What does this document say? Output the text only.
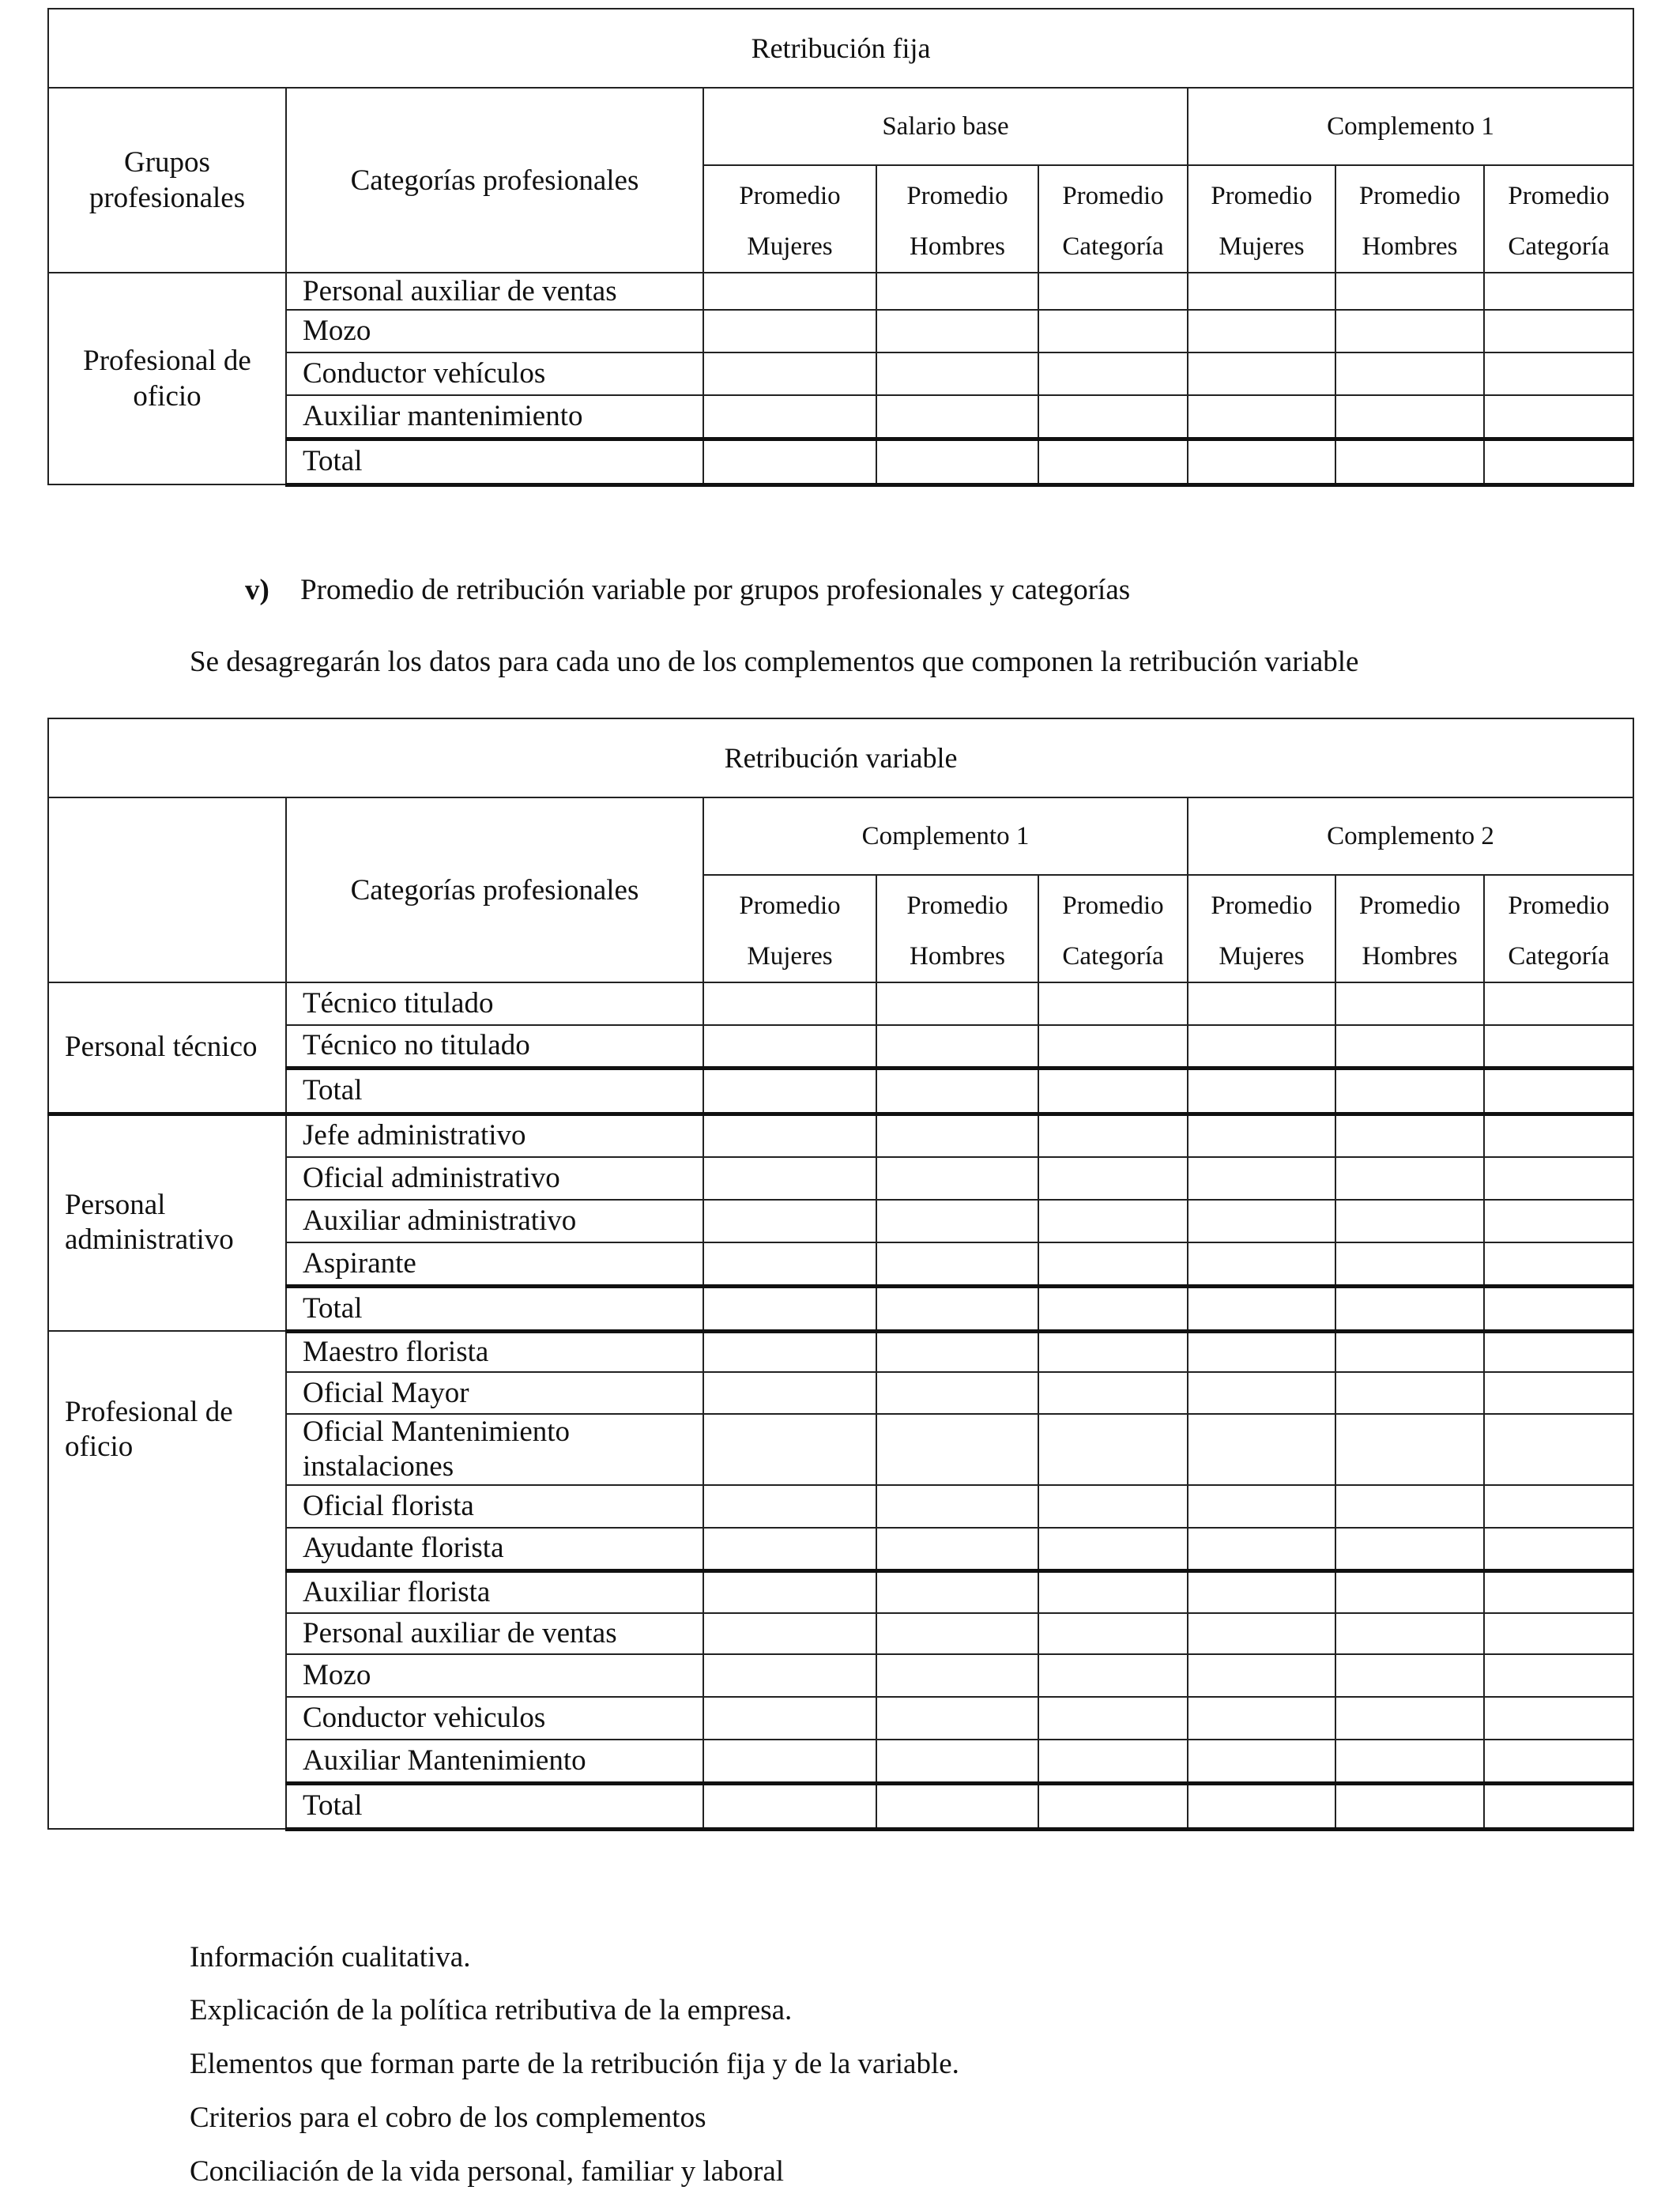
Retribución fija							
Grupos profesionales	Categorías profesionales	Salario base			Complemento 1		
		Promedio Mujeres	Promedio Hombres	Promedio Categoría	Promedio Mujeres	Promedio Hombres	Promedio Categoría
Profesional de oficio	Personal auxiliar de ventas						
	Mozo						
	Conductor vehículos						
	Auxiliar mantenimiento						
	Total						
v) Promedio de retribución variable por grupos profesionales y categorías
Se desagregarán los datos para cada uno de los complementos que componen la retribución variable
Retribución variable							
	Categorías profesionales	Complemento 1			Complemento 2		
		Promedio Mujeres	Promedio Hombres	Promedio Categoría	Promedio Mujeres	Promedio Hombres	Promedio Categoría
Personal técnico	Técnico titulado						
	Técnico no titulado						
	Total						
Personal administrativo	Jefe administrativo						
	Oficial administrativo						
	Auxiliar administrativo						
	Aspirante						
	Total						
Profesional de oficio	Maestro florista						
	Oficial Mayor						
	Oficial Mantenimiento instalaciones						
	Oficial florista						
	Ayudante florista						
	Auxiliar florista						
	Personal auxiliar de ventas						
	Mozo						
	Conductor vehiculos						
	Auxiliar Mantenimiento						
	Total						
Información cualitativa.
Explicación de la política retributiva de la empresa.
Elementos que forman parte de la retribución fija y de la variable.
Criterios para el cobro de los complementos
Conciliación de la vida personal, familiar y laboral
